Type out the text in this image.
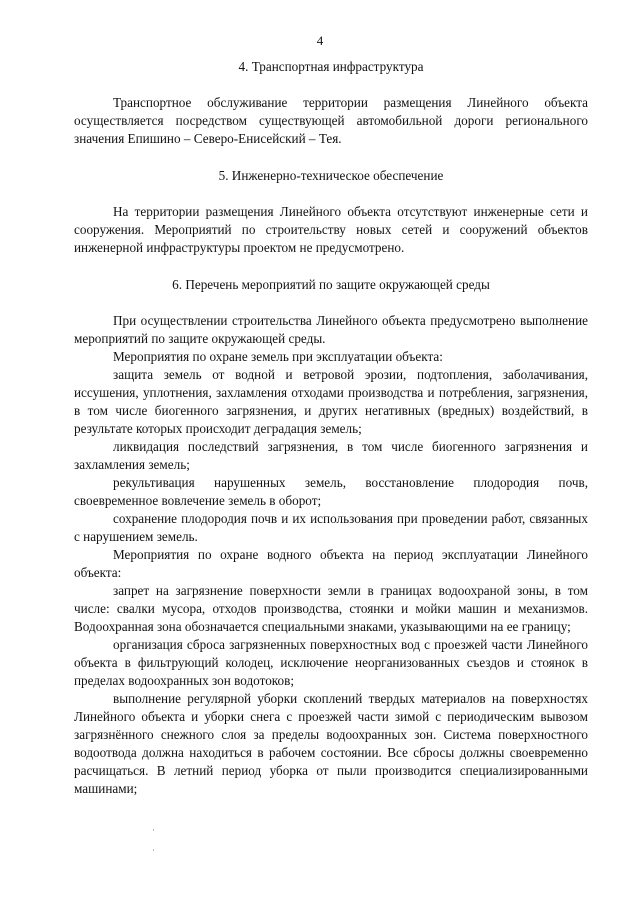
4
4. Транспортная инфраструктура

Транспортное обслуживание территории размещения Линейного объекта осуществляется посредством существующей автомобильной дороги регионального значения Епишино – Северо-Енисейский – Тея.

5. Инженерно-техническое обеспечение

На территории размещения Линейного объекта отсутствуют инженерные сети и сооружения. Мероприятий по строительству новых сетей и сооружений объектов инженерной инфраструктуры проектом не предусмотрено.

6. Перечень мероприятий по защите окружающей среды

При осуществлении строительства Линейного объекта предусмотрено выполнение мероприятий по защите окружающей среды.

Мероприятия по охране земель при эксплуатации объекта:

защита земель от водной и ветровой эрозии, подтопления, заболачивания, иссушения, уплотнения, захламления отходами производства и потребления, загрязнения, в том числе биогенного загрязнения, и других негативных (вредных) воздействий, в результате которых происходит деградация земель;

ликвидация последствий загрязнения, в том числе биогенного загрязнения и захламления земель;

рекультивация нарушенных земель, восстановление плодородия почв, своевременное вовлечение земель в оборот;

сохранение плодородия почв и их использования при проведении работ, связанных с нарушением земель.

Мероприятия по охране водного объекта на период эксплуатации Линейного объекта:

запрет на загрязнение поверхности земли в границах водоохраной зоны, в том числе: свалки мусора, отходов производства, стоянки и мойки машин и механизмов. Водоохранная зона обозначается специальными знаками, указывающими на ее границу;

организация сброса загрязненных поверхностных вод с проезжей части Линейного объекта в фильтрующий колодец, исключение неорганизованных съездов и стоянок в пределах водоохранных зон водотоков;

выполнение регулярной уборки скоплений твердых материалов на поверхностях Линейного объекта и уборки снега с проезжей части зимой с периодическим вывозом загрязнённого снежного слоя за пределы водоохранных зон. Система поверхностного водоотвода должна находиться в рабочем состоянии. Все сбросы должны своевременно расчищаться. В летний период уборка от пыли производится специализированными машинами;

·
·
